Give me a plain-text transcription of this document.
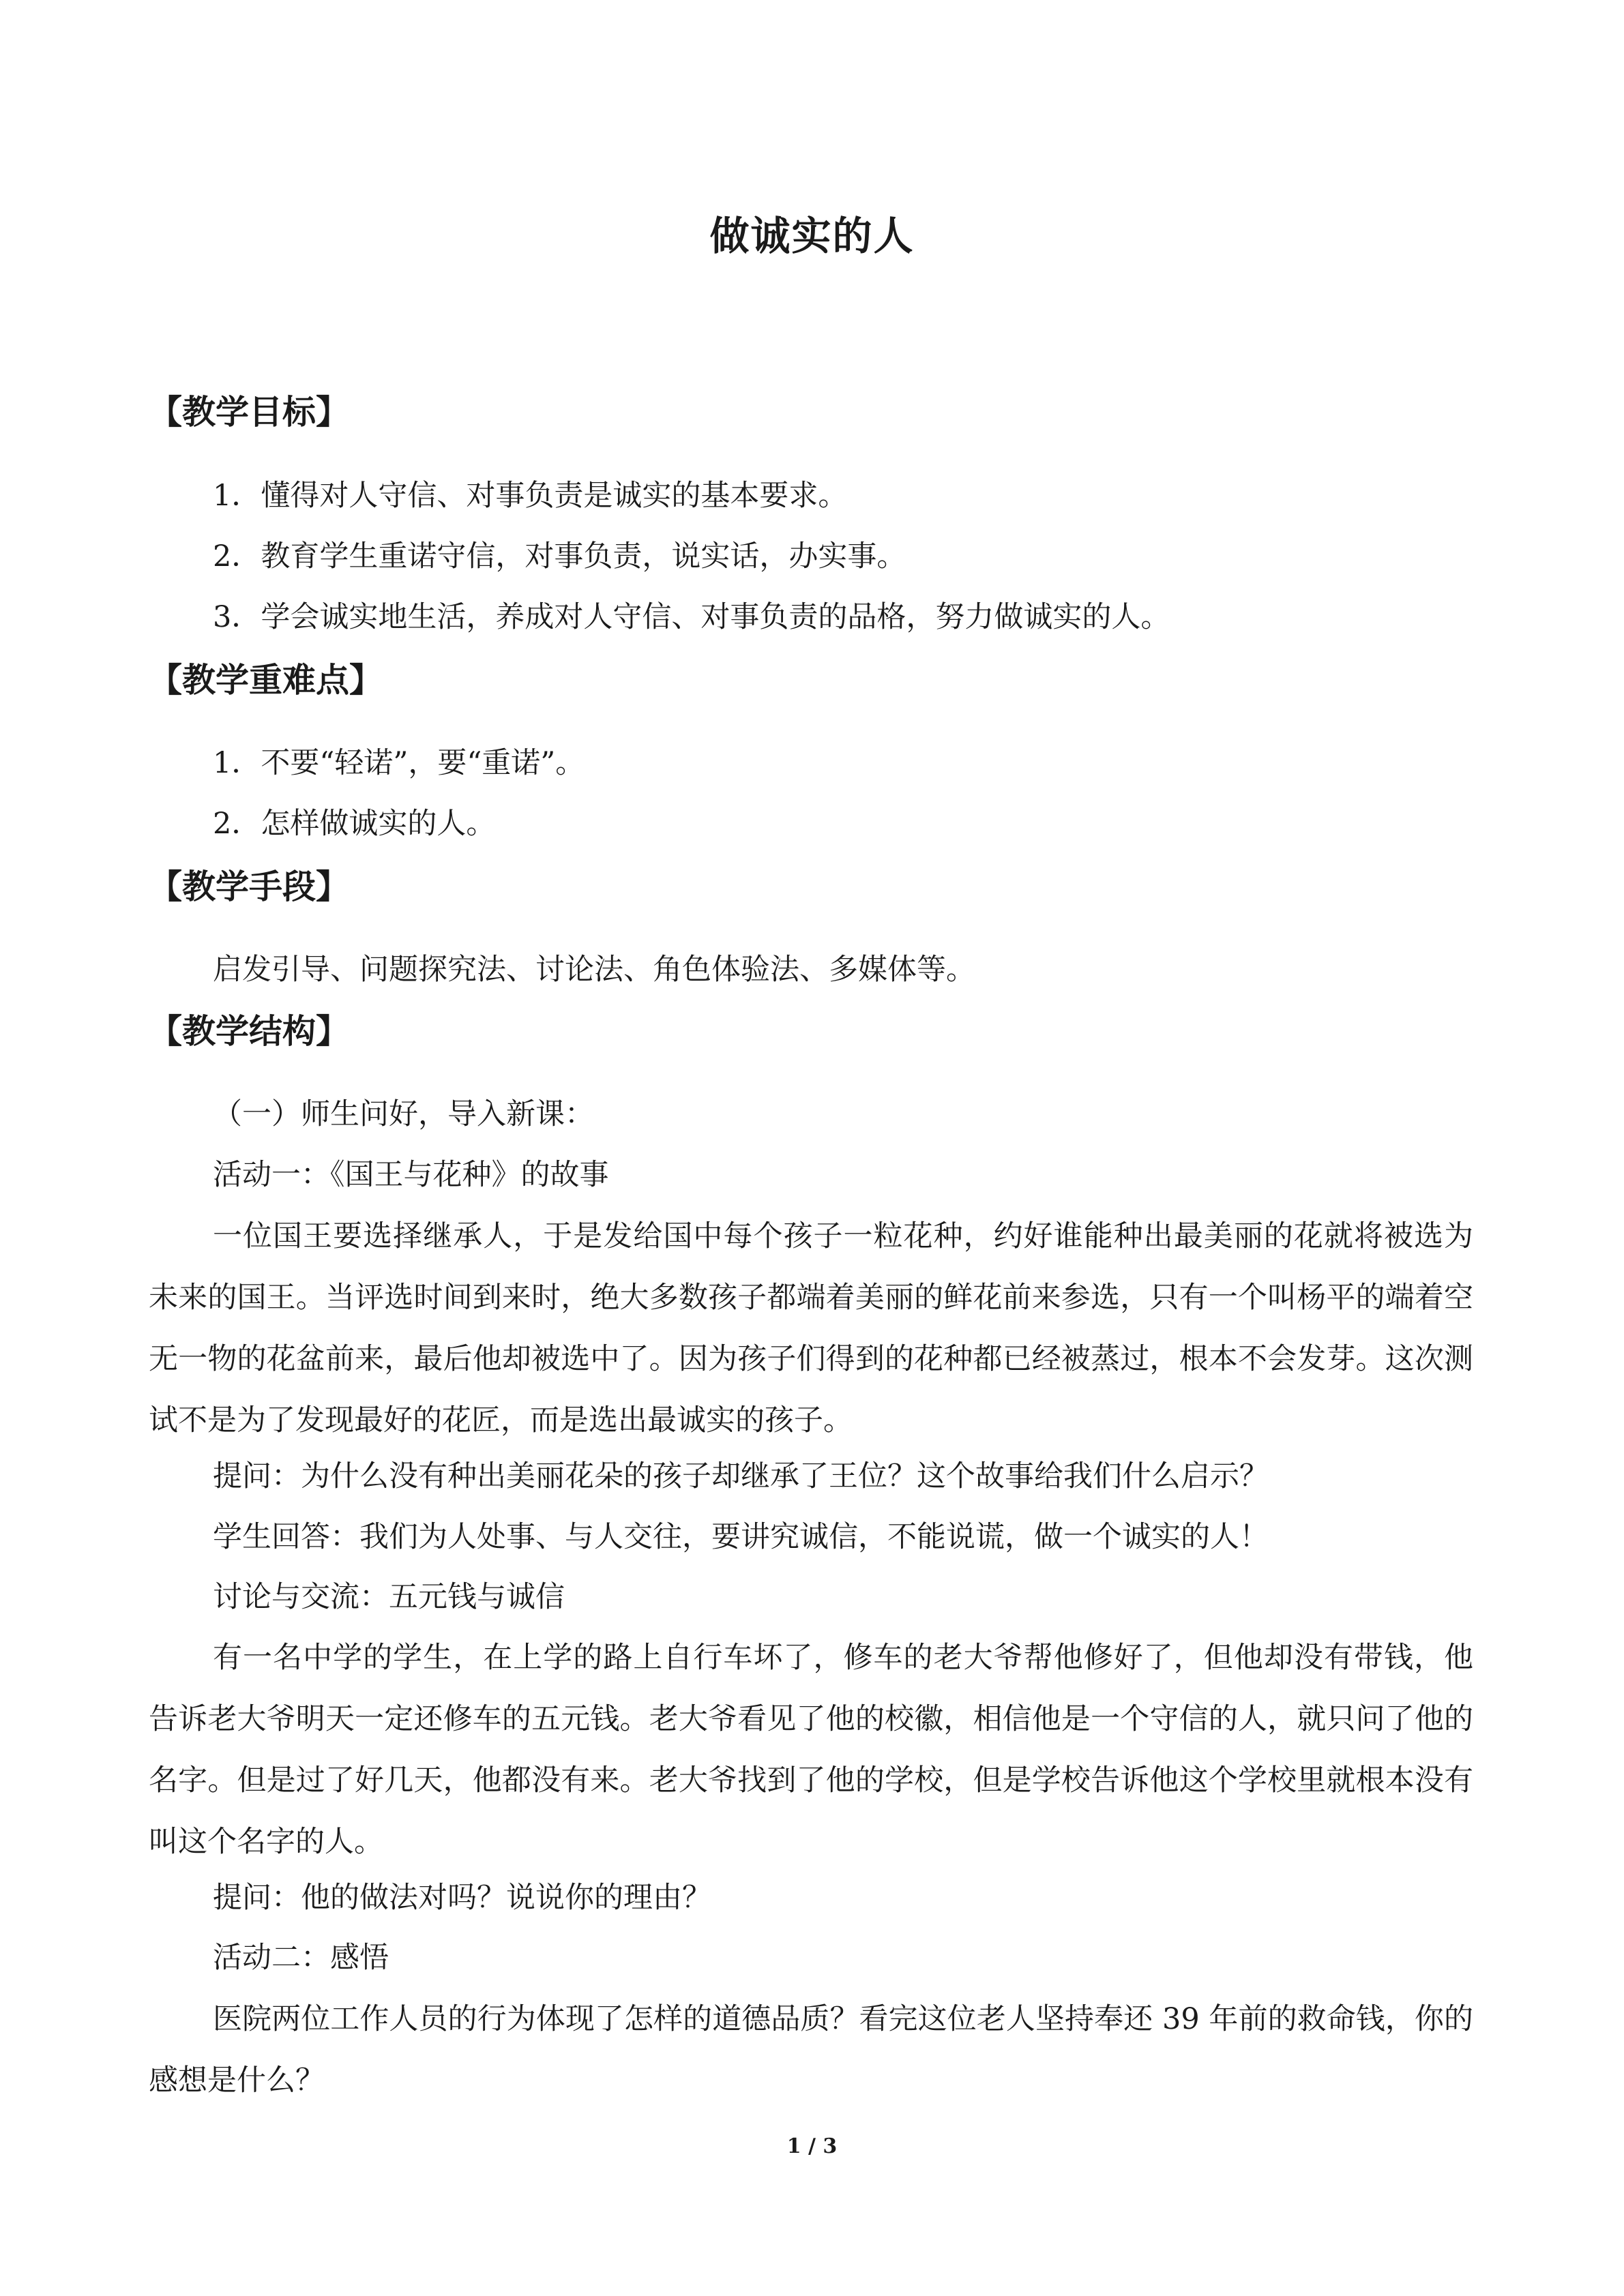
做诚实的人
【教学目标】
1．懂得对人守信、对事负责是诚实的基本要求。
2．教育学生重诺守信，对事负责，说实话，办实事。
3．学会诚实地生活，养成对人守信、对事负责的品格，努力做诚实的人。
【教学重难点】
1．不要“轻诺”，要“重诺”。
2．怎样做诚实的人。
【教学手段】
启发引导、问题探究法、讨论法、角色体验法、多媒体等。
【教学结构】
（一）师生问好，导入新课：
活动一：《国王与花种》的故事
一位国王要选择继承人，于是发给国中每个孩子一粒花种，约好谁能种出最美丽的花就将被选为未来的国王。当评选时间到来时，绝大多数孩子都端着美丽的鲜花前来参选，只有一个叫杨平的端着空无一物的花盆前来，最后他却被选中了。因为孩子们得到的花种都已经被蒸过，根本不会发芽。这次测试不是为了发现最好的花匠，而是选出最诚实的孩子。
提问：为什么没有种出美丽花朵的孩子却继承了王位？这个故事给我们什么启示？
学生回答：我们为人处事、与人交往，要讲究诚信，不能说谎，做一个诚实的人！
讨论与交流：五元钱与诚信
有一名中学的学生，在上学的路上自行车坏了，修车的老大爷帮他修好了，但他却没有带钱，他告诉老大爷明天一定还修车的五元钱。老大爷看见了他的校徽，相信他是一个守信的人，就只问了他的名字。但是过了好几天，他都没有来。老大爷找到了他的学校，但是学校告诉他这个学校里就根本没有叫这个名字的人。
提问：他的做法对吗？说说你的理由？
活动二：感悟
医院两位工作人员的行为体现了怎样的道德品质？看完这位老人坚持奉还 39 年前的救命钱，你的感想是什么？
1 / 3
